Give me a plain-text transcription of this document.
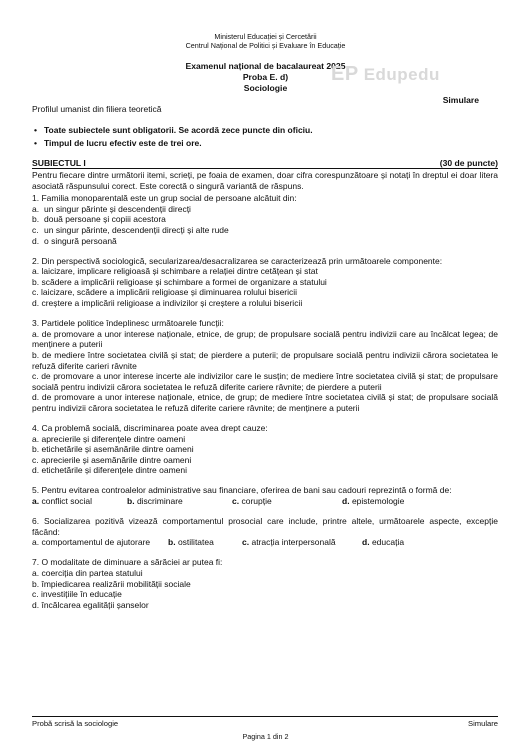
Ministerul Educației și Cercetării
Centrul Național de Politici și Evaluare în Educație
Examenul național de bacalaureat 2025
Proba E. d)
Sociologie
EP Edupedu
Simulare
Profilul umanist din filiera teoretică
• Toate subiectele sunt obligatorii. Se acordă zece puncte din oficiu.
• Timpul de lucru efectiv este de trei ore.
SUBIECTUL I	(30 de puncte)
Pentru fiecare dintre următorii itemi, scrieți, pe foaia de examen, doar cifra corespunzătoare și notați în dreptul ei doar litera asociată răspunsului corect. Este corectă o singură variantă de răspuns.
1. Familia monoparentală este un grup social de persoane alcătuit din:
a. un singur părinte și descendenții direcți
b. două persoane și copiii acestora
c. un singur părinte, descendenții direcți și alte rude
d. o singură persoană
2. Din perspectivă sociologică, secularizarea/desacralizarea se caracterizează prin următoarele componente:
a. laicizare, implicare religioasă și schimbare a relației dintre cetățean și stat
b. scădere a implicării religioase și schimbare a formei de organizare a statului
c. laicizare, scădere a implicării religioase și diminuarea rolului bisericii
d. creștere a implicării religioase a indivizilor și creștere a rolului bisericii
3. Partidele politice îndeplinesc următoarele funcții:
a. de promovare a unor interese naționale, etnice, de grup; de propulsare socială pentru indivizii care au încălcat legea; de menținere a puterii
b. de mediere între societatea civilă și stat; de pierdere a puterii; de propulsare socială pentru indivizii cărora societatea le refuză diferite carieri râvnite
c. de promovare a unor interese incerte ale indivizilor care le susțin; de mediere între societatea civilă și stat; de propulsare socială pentru indivizii cărora societatea le refuză diferite cariere râvnite; de pierdere a puterii
d. de promovare a unor interese naționale, etnice, de grup; de mediere între societatea civilă și stat; de propulsare socială pentru indivizii cărora societatea le refuză diferite cariere râvnite; de menținere a puterii
4. Ca problemă socială, discriminarea poate avea drept cauze:
a. aprecierile și diferențele dintre oameni
b. etichetările și asemănările dintre oameni
c. aprecierile și asemănările dintre oameni
d. etichetările și diferențele dintre oameni
5. Pentru evitarea controalelor administrative sau financiare, oferirea de bani sau cadouri reprezintă o formă de:
a. conflict social	b. discriminare	c. corupție	d. epistemologie
6. Socializarea pozitivă vizează comportamentul prosocial care include, printre altele, următoarele aspecte, excepție făcând:
a. comportamentul de ajutorare	b. ostilitatea	c. atracția interpersonală	d. educația
7. O modalitate de diminuare a sărăciei ar putea fi:
a. coerciția din partea statului
b. împiedicarea realizării mobilității sociale
c. investițiile în educație
d. încălcarea egalității șanselor
Probă scrisă la sociologie	Simulare
Pagina 1 din 2
